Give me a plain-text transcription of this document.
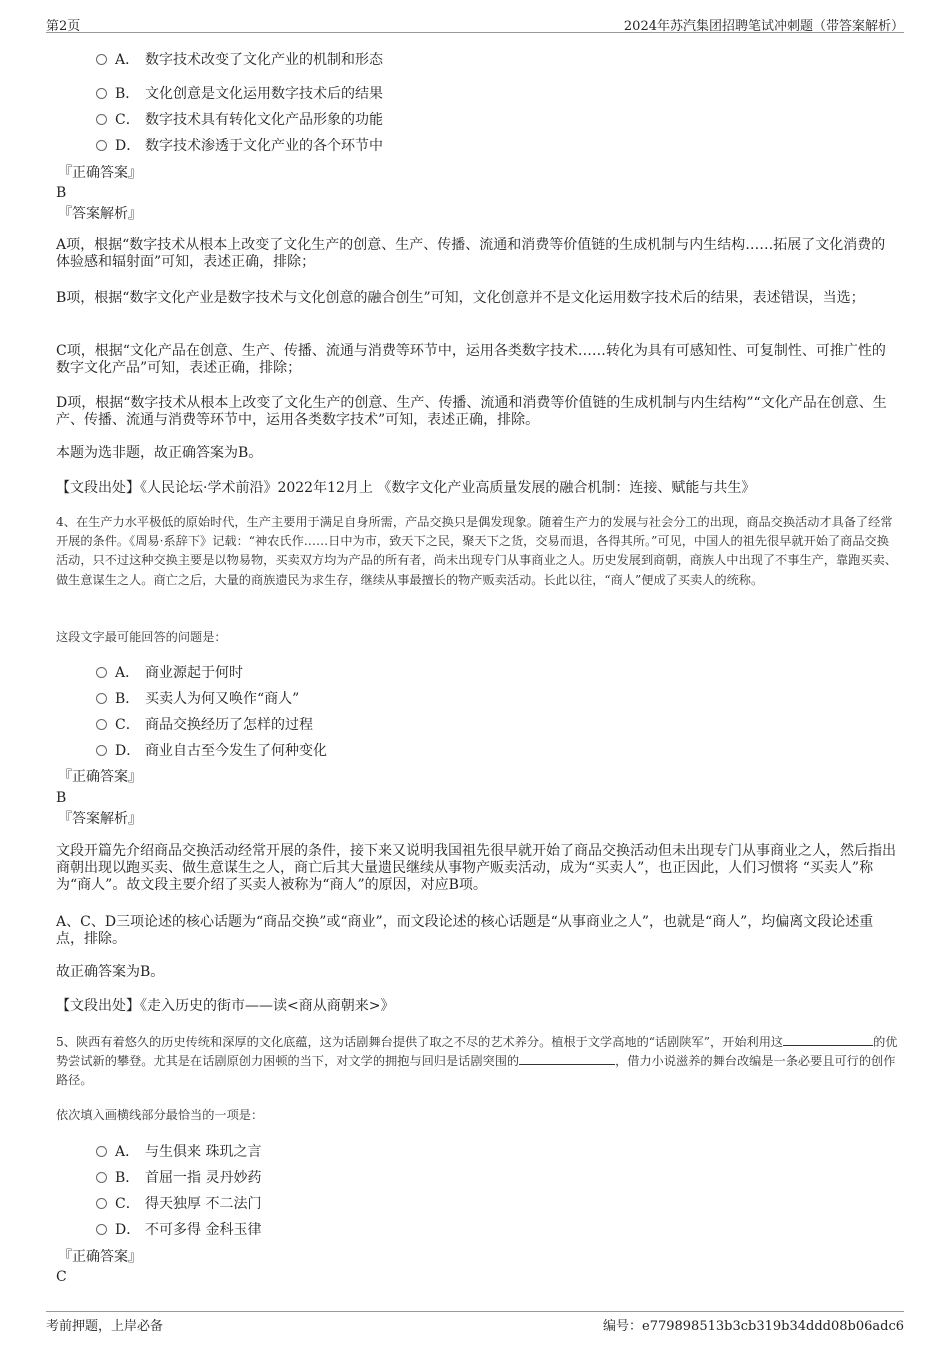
第2页	2024年苏汽集团招聘笔试冲刺题（带答案解析）
A． 数字技术改变了文化产业的机制和形态
B． 文化创意是文化运用数字技术后的结果
C． 数字技术具有转化文化产品形象的功能
D． 数字技术渗透于文化产业的各个环节中
『正确答案』
B
『答案解析』
A项，根据“数字技术从根本上改变了文化生产的创意、生产、传播、流通和消费等价值链的生成机制与内生结构……拓展了文化消费的体验感和辐射面”可知，表述正确，排除；
B项，根据“数字文化产业是数字技术与文化创意的融合创生”可知，文化创意并不是文化运用数字技术后的结果，表述错误，当选；
C项，根据“文化产品在创意、生产、传播、流通与消费等环节中，运用各类数字技术……转化为具有可感知性、可复制性、可推广性的数字文化产品”可知，表述正确，排除；
D项，根据“数字技术从根本上改变了文化生产的创意、生产、传播、流通和消费等价值链的生成机制与内生结构”“文化产品在创意、生产、传播、流通与消费等环节中，运用各类数字技术”可知，表述正确，排除。
本题为选非题，故正确答案为B。
【文段出处】《人民论坛·学术前沿》2022年12月上 《数字文化产业高质量发展的融合机制：连接、赋能与共生》
4、在生产力水平极低的原始时代，生产主要用于满足自身所需，产品交换只是偶发现象。随着生产力的发展与社会分工的出现，商品交换活动才具备了经常开展的条件。《周易·系辞下》记载：“神农氏作……日中为市，致天下之民，聚天下之货，交易而退，各得其所。”可见，中国人的祖先很早就开始了商品交换活动，只不过这种交换主要是以物易物，买卖双方均为产品的所有者，尚未出现专门从事商业之人。历史发展到商朝，商族人中出现了不事生产，靠跑买卖、做生意谋生之人。商亡之后，大量的商族遗民为求生存，继续从事最擅长的物产贩卖活动。长此以往，“商人”便成了买卖人的统称。
这段文字最可能回答的问题是：
A． 商业源起于何时
B． 买卖人为何又唤作“商人”
C． 商品交换经历了怎样的过程
D． 商业自古至今发生了何种变化
『正确答案』
B
『答案解析』
文段开篇先介绍商品交换活动经常开展的条件，接下来又说明我国祖先很早就开始了商品交换活动但未出现专门从事商业之人，然后指出商朝出现以跑买卖、做生意谋生之人，商亡后其大量遗民继续从事物产贩卖活动，成为“买卖人”，也正因此，人们习惯将 “买卖人”称为“商人”。故文段主要介绍了买卖人被称为“商人”的原因，对应B项。
A、C、D三项论述的核心话题为“商品交换”或“商业”，而文段论述的核心话题是“从事商业之人”，也就是“商人”，均偏离文段论述重点，排除。
故正确答案为B。
【文段出处】《走入历史的街市——读<商从商朝来>》
5、陕西有着悠久的历史传统和深厚的文化底蕴，这为话剧舞台提供了取之不尽的艺术养分。植根于文学高地的“话剧陕军”，开始利用这	的优势尝试新的攀登。尤其是在话剧原创力困顿的当下，对文学的拥抱与回归是话剧突围的	，借力小说滋养的舞台改编是一条必要且可行的创作路径。
依次填入画横线部分最恰当的一项是：
A． 与生俱来 珠玑之言
B． 首屈一指 灵丹妙药
C． 得天独厚 不二法门
D． 不可多得 金科玉律
『正确答案』
C
考前押题，上岸必备	编号：e779898513b3cb319b34ddd08b06adc6
